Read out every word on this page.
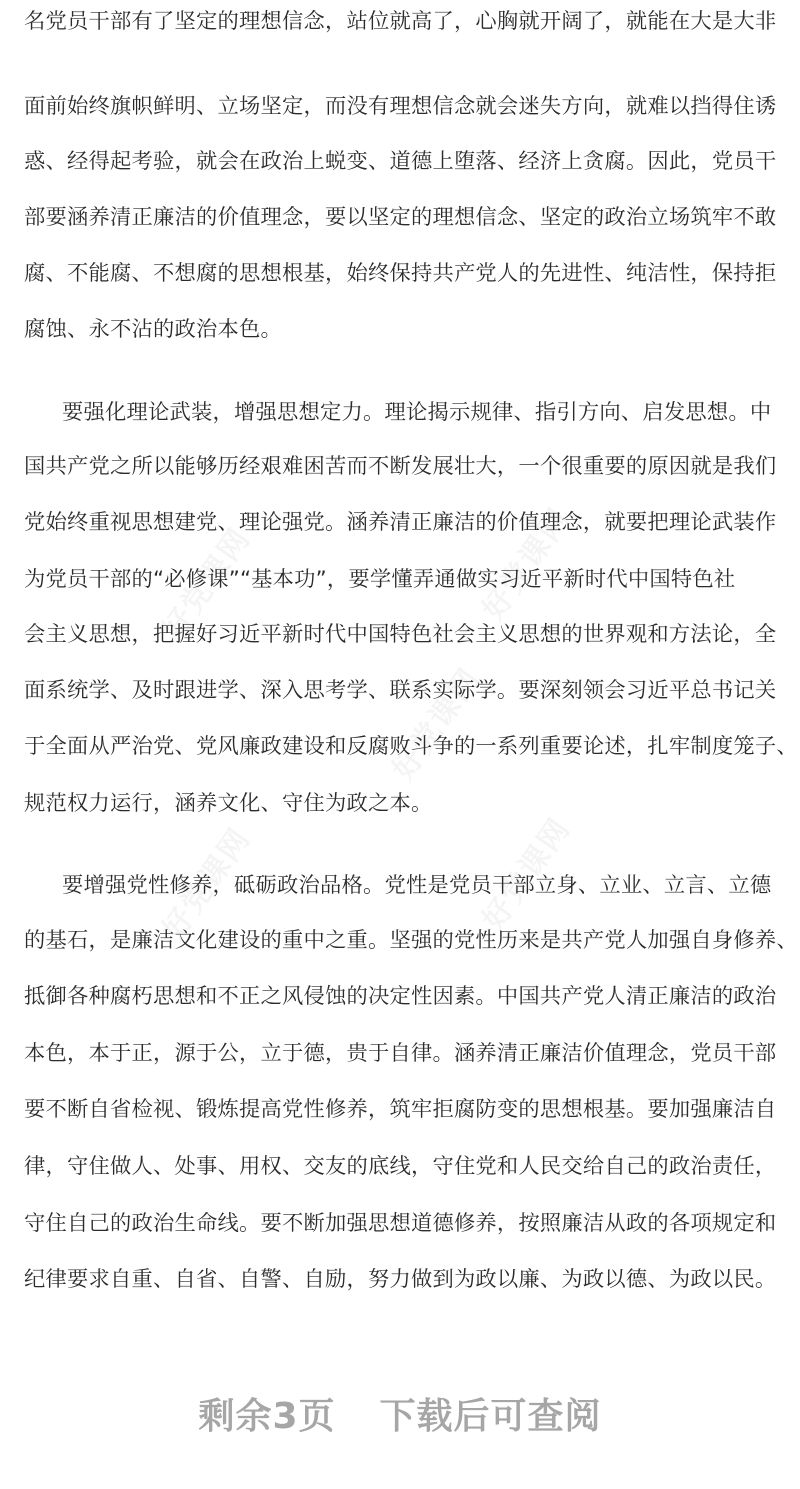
名党员干部有了坚定的理想信念，站位就高了，心胸就开阔了，就能在大是大非
面前始终旗帜鲜明、立场坚定，而没有理想信念就会迷失方向，就难以挡得住诱
惑、经得起考验，就会在政治上蜕变、道德上堕落、经济上贪腐。因此，党员干
部要涵养清正廉洁的价值理念，要以坚定的理想信念、坚定的政治立场筑牢不敢
腐、不能腐、不想腐的思想根基，始终保持共产党人的先进性、纯洁性，保持拒
腐蚀、永不沾的政治本色。
要强化理论武装，增强思想定力。理论揭示规律、指引方向、启发思想。中
国共产党之所以能够历经艰难困苦而不断发展壮大，一个很重要的原因就是我们
党始终重视思想建党、理论强党。涵养清正廉洁的价值理念，就要把理论武装作
为党员干部的“必修课”“基本功”，要学懂弄通做实习近平新时代中国特色社
会主义思想，把握好习近平新时代中国特色社会主义思想的世界观和方法论，全
面系统学、及时跟进学、深入思考学、联系实际学。要深刻领会习近平总书记关
于全面从严治党、党风廉政建设和反腐败斗争的一系列重要论述，扎牢制度笼子、
规范权力运行，涵养文化、守住为政之本。
要增强党性修养，砥砺政治品格。党性是党员干部立身、立业、立言、立德
的基石，是廉洁文化建设的重中之重。坚强的党性历来是共产党人加强自身修养、
抵御各种腐朽思想和不正之风侵蚀的决定性因素。中国共产党人清正廉洁的政治
本色，本于正，源于公，立于德，贵于自律。涵养清正廉洁价值理念，党员干部
要不断自省检视、锻炼提高党性修养，筑牢拒腐防变的思想根基。要加强廉洁自
律，守住做人、处事、用权、交友的底线，守住党和人民交给自己的政治责任，
守住自己的政治生命线。要不断加强思想道德修养，按照廉洁从政的各项规定和
纪律要求自重、自省、自警、自励，努力做到为政以廉、为政以德、为政以民。
剩余3页 下载后可查阅
